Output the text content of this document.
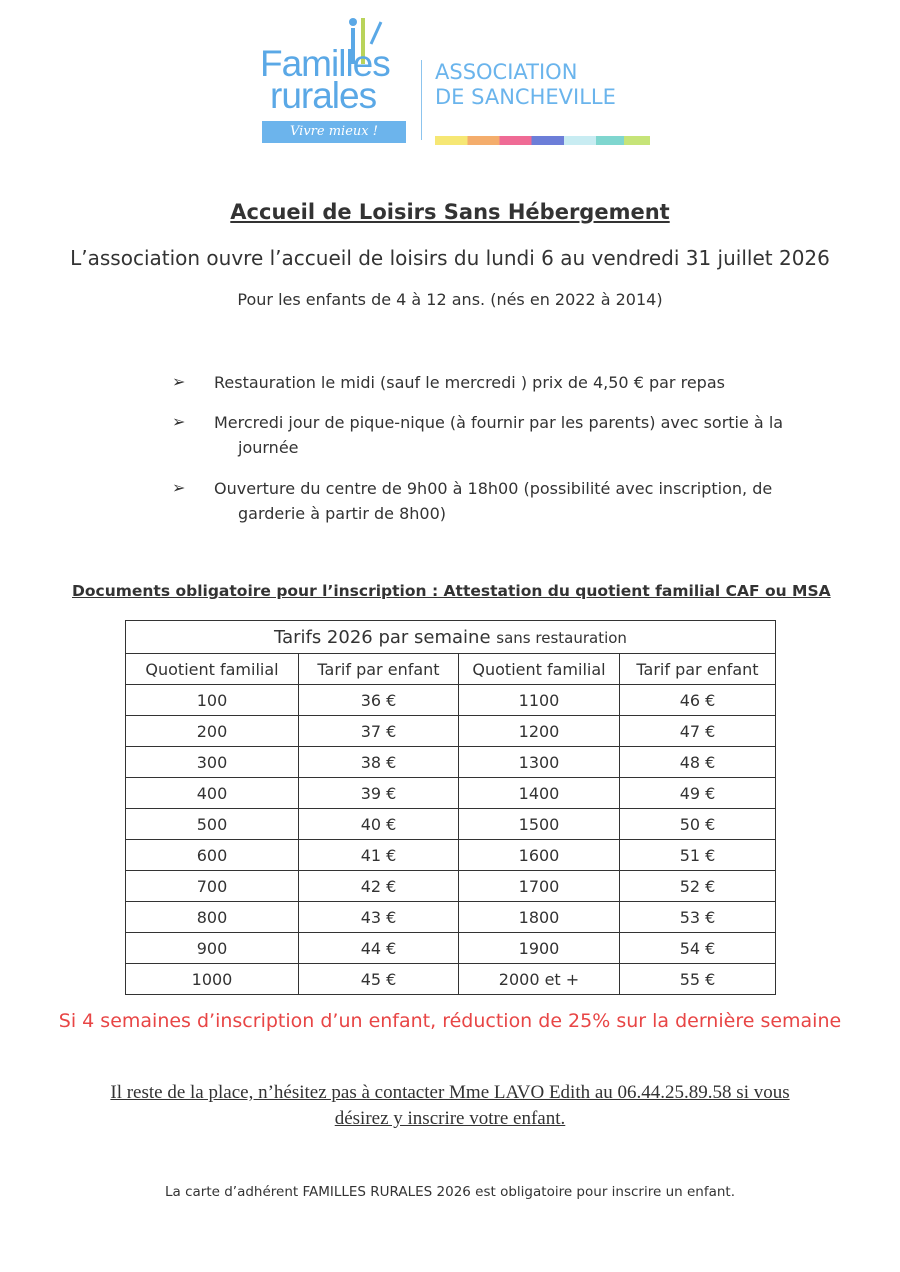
Familles
rurales
Vivre mieux !
ASSOCIATION
DE SANCHEVILLE
Accueil de Loisirs Sans Hébergement
L’association ouvre l’accueil de loisirs du lundi 6 au vendredi 31 juillet 2026
Pour les enfants de 4 à 12 ans. (nés en 2022 à 2014)
➢ Restauration le midi (sauf le mercredi ) prix de 4,50 € par repas
➢ Mercredi jour de pique-nique (à fournir par les parents) avec sortie à la
journée
➢ Ouverture du centre de 9h00 à 18h00 (possibilité avec inscription, de
garderie à partir de 8h00)
Documents obligatoire pour l’inscription : Attestation du quotient familial CAF ou MSA
Tarifs 2026 par semaine sans restauration			
Quotient familial	Tarif par enfant	Quotient familial	Tarif par enfant
100	36 €	1100	46 €
200	37 €	1200	47 €
300	38 €	1300	48 €
400	39 €	1400	49 €
500	40 €	1500	50 €
600	41 €	1600	51 €
700	42 €	1700	52 €
800	43 €	1800	53 €
900	44 €	1900	54 €
1000	45 €	2000 et +	55 €
Si 4 semaines d’inscription d’un enfant, réduction de 25% sur la dernière semaine
Il reste de la place, n’hésitez pas à contacter Mme LAVO Edith au 06.44.25.89.58 si vous
désirez y inscrire votre enfant.
La carte d’adhérent FAMILLES RURALES 2026 est obligatoire pour inscrire un enfant.
